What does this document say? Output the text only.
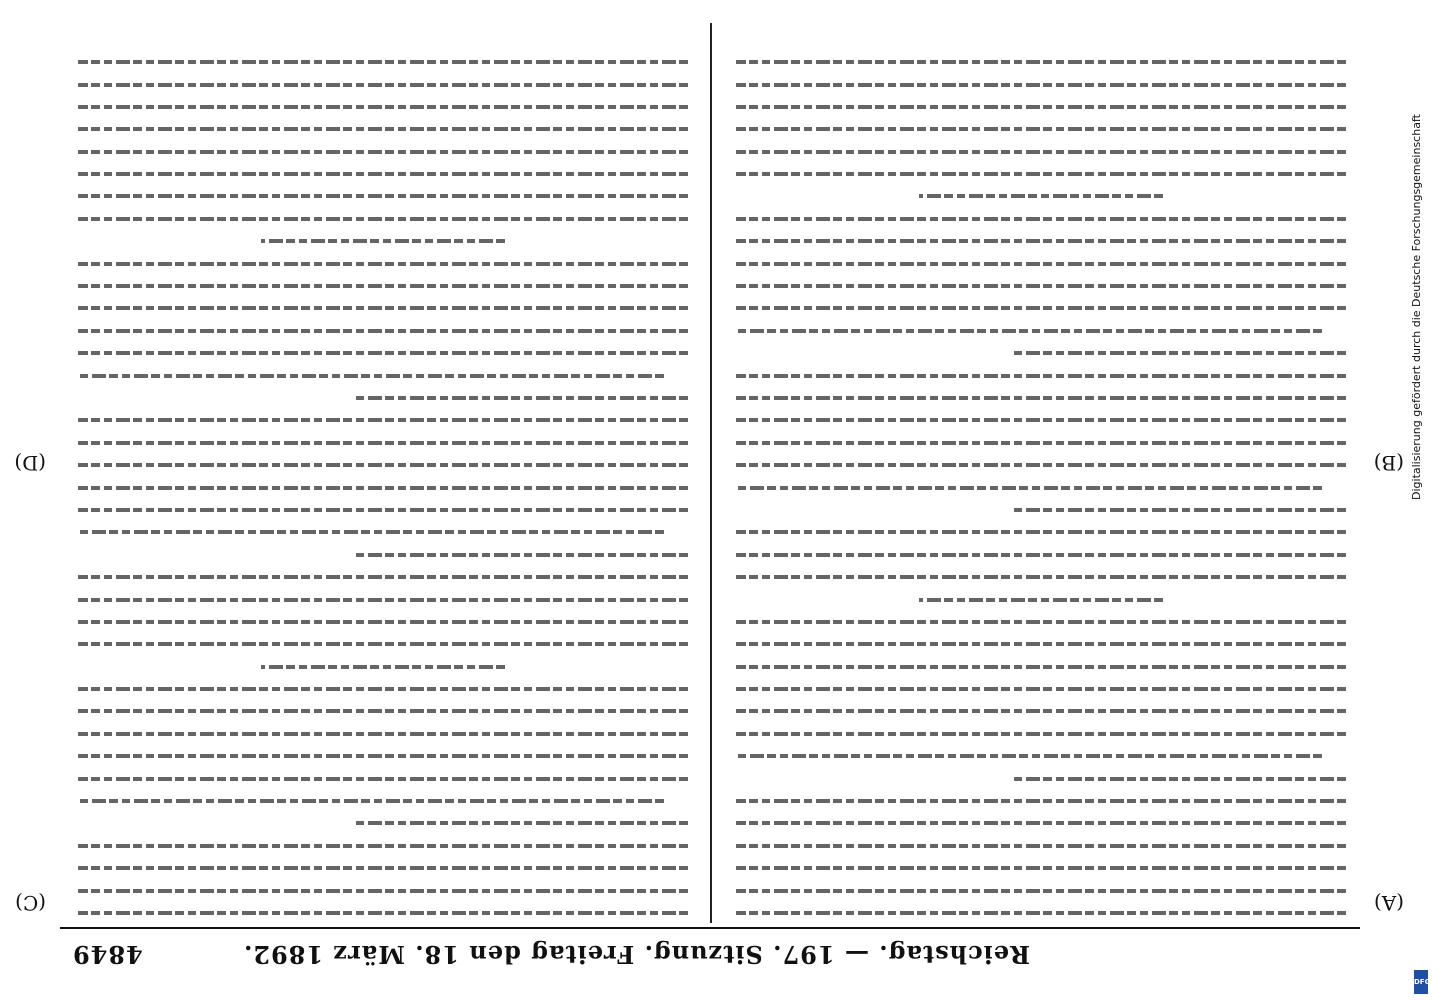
Reichstag. — 197. Sitzung. Freitag den 18. März 1892.
4849
(A)
(B)
(C)
(D)	Digitalisierung gefördert durch die Deutsche Forschungsgemeinschaft
DFG
